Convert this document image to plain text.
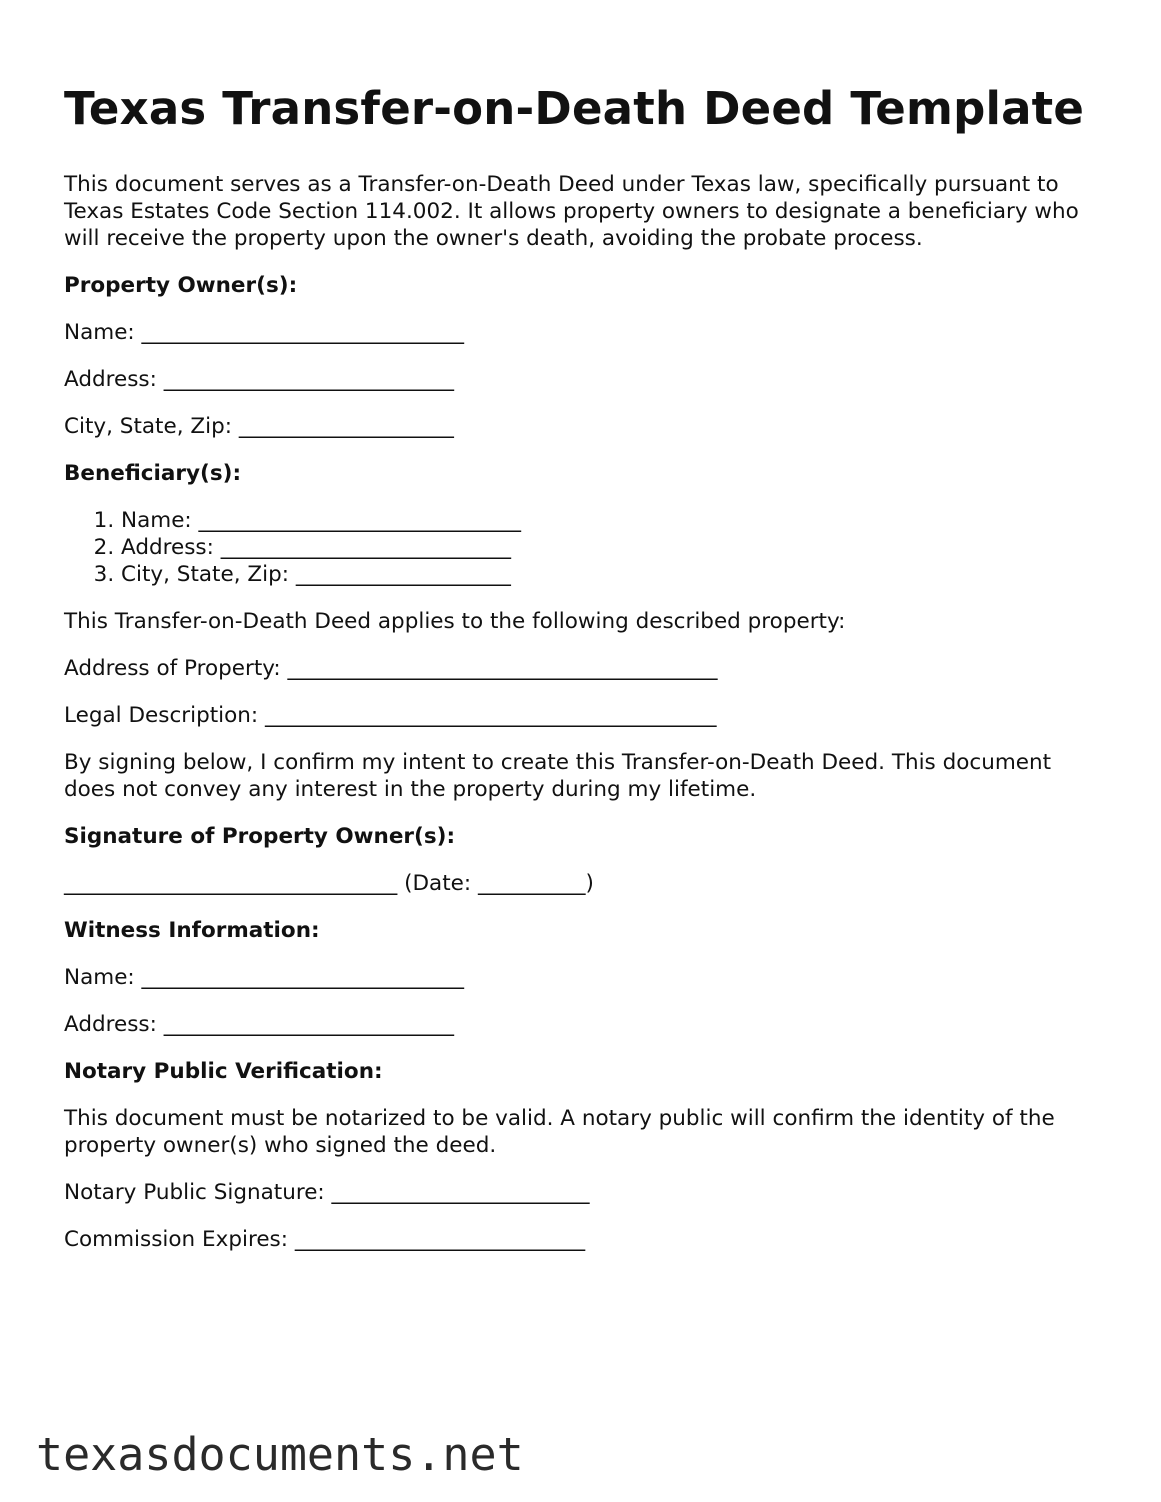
Texas Transfer-on-Death Deed Template

This document serves as a Transfer-on-Death Deed under Texas law, specifically pursuant to Texas Estates Code Section 114.002. It allows property owners to designate a beneficiary who will receive the property upon the owner's death, avoiding the probate process.

Property Owner(s):

Name: ______________________________

Address: ___________________________

City, State, Zip: ____________________

Beneficiary(s):

1. Name: ______________________________
2. Address: ___________________________
3. City, State, Zip: ____________________

This Transfer-on-Death Deed applies to the following described property:

Address of Property: ________________________________________

Legal Description: __________________________________________

By signing below, I confirm my intent to create this Transfer-on-Death Deed. This document does not convey any interest in the property during my lifetime.

Signature of Property Owner(s):

_______________________________ (Date: __________)

Witness Information:

Name: ______________________________

Address: ___________________________

Notary Public Verification:

This document must be notarized to be valid. A notary public will confirm the identity of the property owner(s) who signed the deed.

Notary Public Signature: ________________________

Commission Expires: ___________________________

texasdocuments.net
